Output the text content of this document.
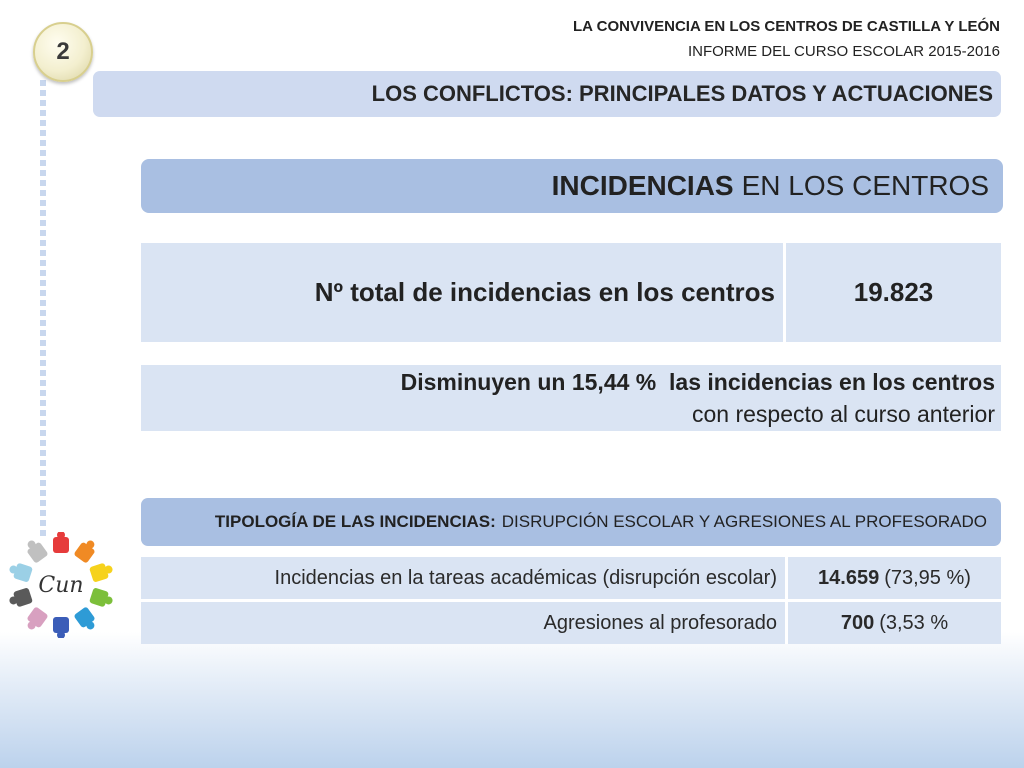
2
LA CONVIVENCIA EN LOS CENTROS DE CASTILLA Y LEÓN
INFORME DEL CURSO ESCOLAR 2015-2016
LOS CONFLICTOS: PRINCIPALES DATOS Y ACTUACIONES
INCIDENCIAS EN LOS CENTROS
Nº total de incidencias en los centros	19.823
Disminuyen un 15,44 %  las incidencias en los centros
con respecto al curso anterior
TIPOLOGÍA DE LAS INCIDENCIAS: DISRUPCIÓN ESCOLAR Y AGRESIONES AL PROFESORADO
Incidencias en la tareas académicas (disrupción escolar)	14.659 (73,95 %)
Agresiones al profesorado	700 (3,53 %
Cun
